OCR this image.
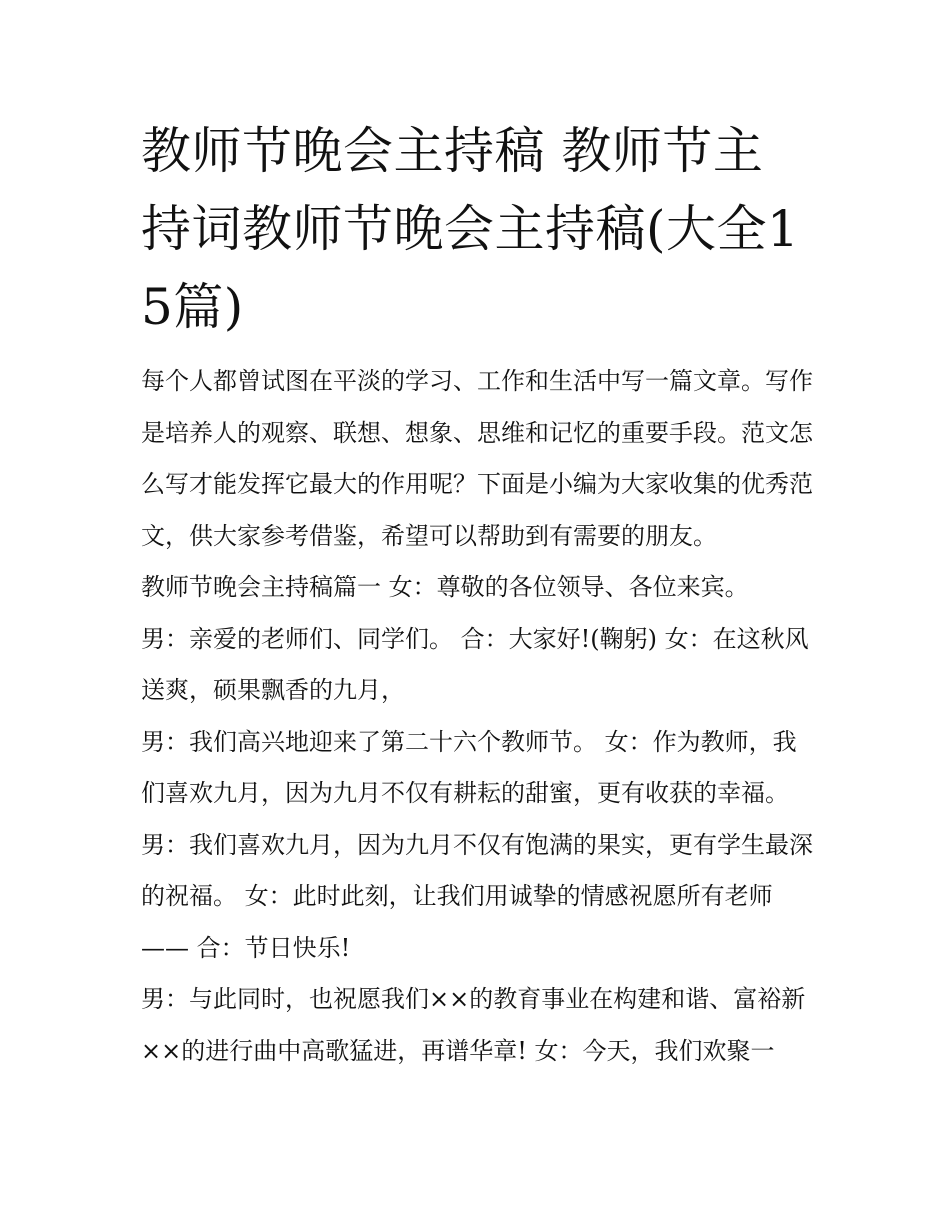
教师节晚会主持稿 教师节主持词教师节晚会主持稿(大全15篇)

每个人都曾试图在平淡的学习、工作和生活中写一篇文章。写作是培养人的观察、联想、想象、思维和记忆的重要手段。范文怎么写才能发挥它最大的作用呢？下面是小编为大家收集的优秀范文，供大家参考借鉴，希望可以帮助到有需要的朋友。

教师节晚会主持稿篇一 女：尊敬的各位领导、各位来宾。

男：亲爱的老师们、同学们。 合：大家好!(鞠躬) 女：在这秋风送爽，硕果飘香的九月，

男：我们高兴地迎来了第二十六个教师节。 女：作为教师，我们喜欢九月，因为九月不仅有耕耘的甜蜜，更有收获的幸福。

男：我们喜欢九月，因为九月不仅有饱满的果实，更有学生最深的祝福。 女：此时此刻，让我们用诚挚的情感祝愿所有老师—— 合：节日快乐!

男：与此同时，也祝愿我们××的教育事业在构建和谐、富裕新××的进行曲中高歌猛进，再谱华章! 女：今天，我们欢聚一
